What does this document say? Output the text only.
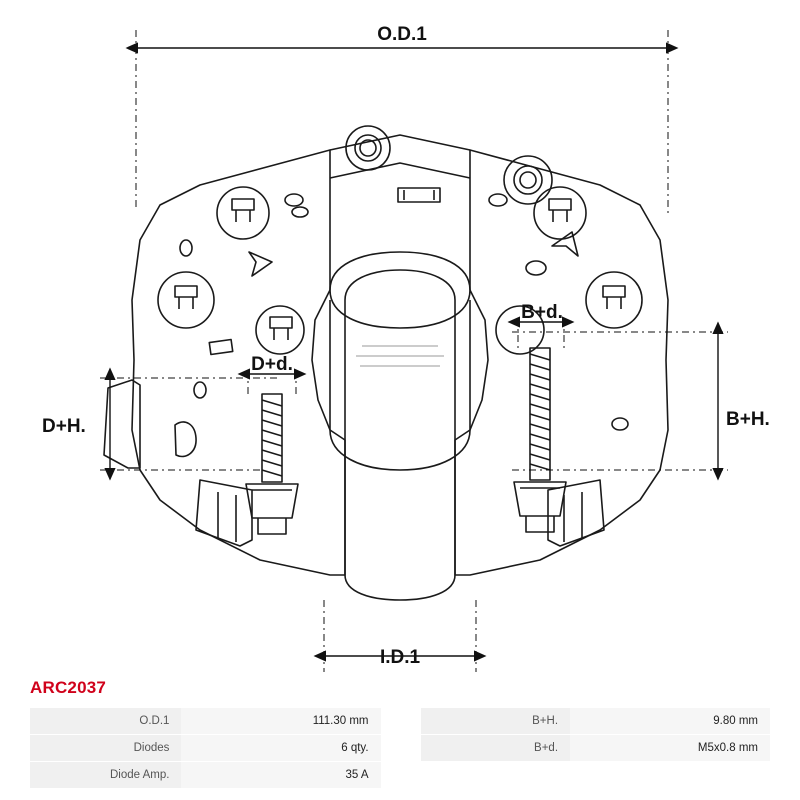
O.D.1
I.D.1
D+H.	B+H.
D+d.
B+d.
ARC2037
O.D.1	111.30 mm		B+H.	9.80 mm
Diodes	6 qty.		B+d.	M5x0.8 mm
Diode Amp.	35 A			
